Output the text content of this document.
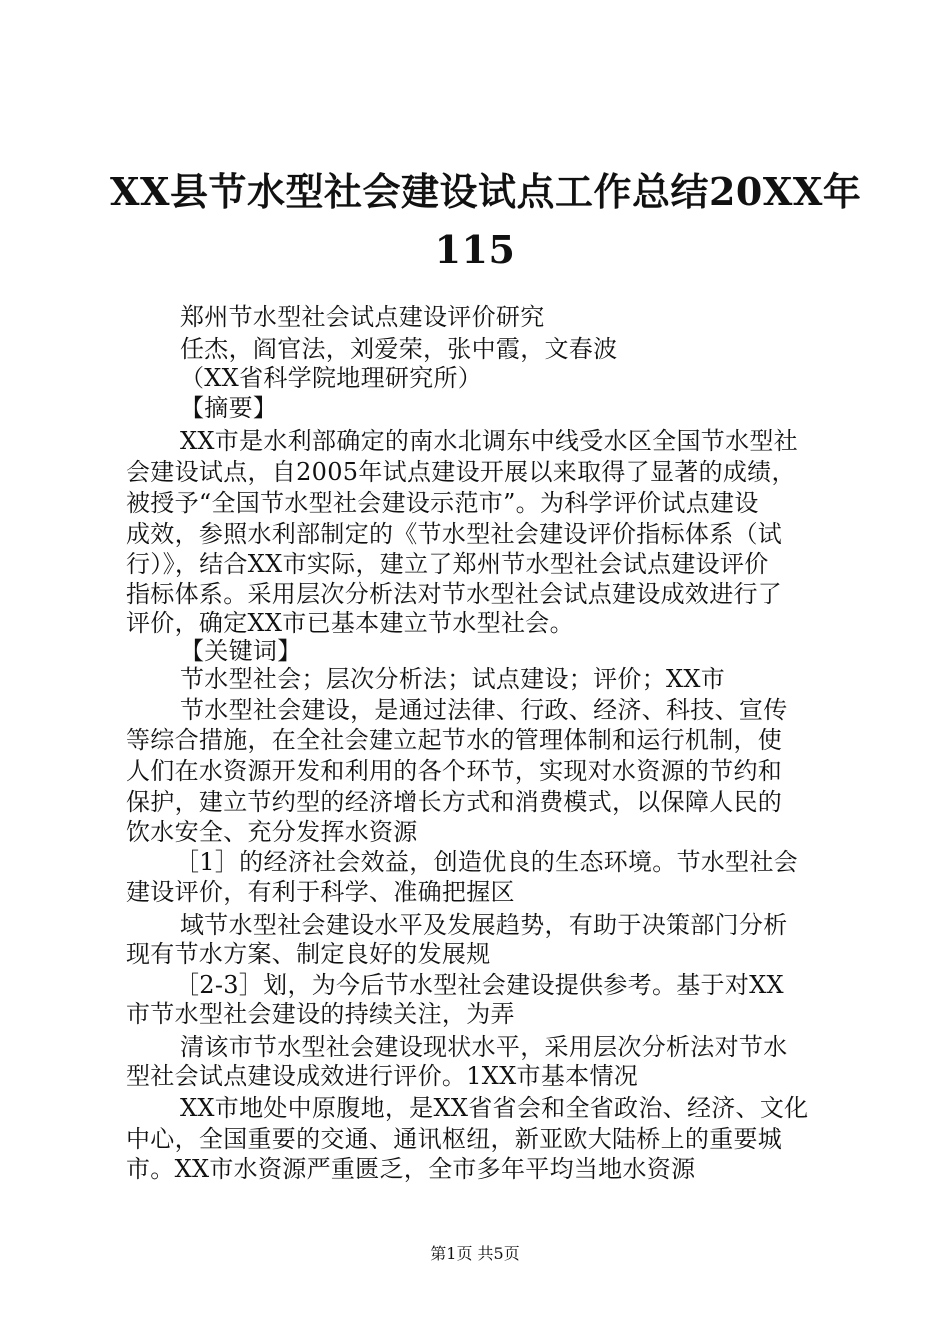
XX县节水型社会建设试点工作总结20XX年
115
郑州节水型社会试点建设评价研究
任杰，阎官法，刘爱荣，张中霞，文春波
（XX省科学院地理研究所）
【摘要】
XX市是水利部确定的南水北调东中线受水区全国节水型社
会建设试点，自2005年试点建设开展以来取得了显著的成绩，
被授予“全国节水型社会建设示范市”。为科学评价试点建设
成效，参照水利部制定的《节水型社会建设评价指标体系（试
行）》，结合XX市实际，建立了郑州节水型社会试点建设评价
指标体系。采用层次分析法对节水型社会试点建设成效进行了
评价，确定XX市已基本建立节水型社会。
【关键词】
节水型社会；层次分析法；试点建设；评价；XX市
节水型社会建设，是通过法律、行政、经济、科技、宣传
等综合措施，在全社会建立起节水的管理体制和运行机制，使
人们在水资源开发和利用的各个环节，实现对水资源的节约和
保护，建立节约型的经济增长方式和消费模式，以保障人民的
饮水安全、充分发挥水资源
［1］的经济社会效益，创造优良的生态环境。节水型社会
建设评价，有利于科学、准确把握区
域节水型社会建设水平及发展趋势，有助于决策部门分析
现有节水方案、制定良好的发展规
［2-3］划，为今后节水型社会建设提供参考。基于对XX
市节水型社会建设的持续关注，为弄
清该市节水型社会建设现状水平，采用层次分析法对节水
型社会试点建设成效进行评价。1XX市基本情况
XX市地处中原腹地，是XX省省会和全省政治、经济、文化
中心，全国重要的交通、通讯枢纽，新亚欧大陆桥上的重要城
市。XX市水资源严重匮乏，全市多年平均当地水资源
第1页 共5页
